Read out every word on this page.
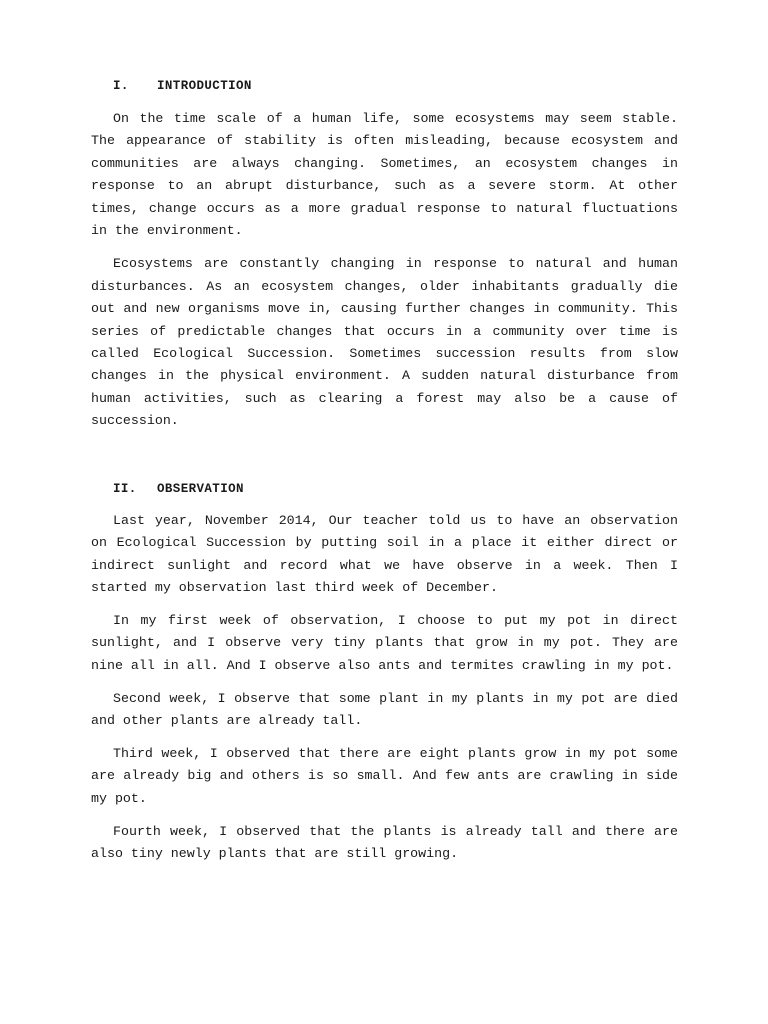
I.	INTRODUCTION

On the time scale of a human life, some ecosystems may seem stable. The appearance of stability is often misleading, because ecosystem and communities are always changing. Sometimes, an ecosystem changes in response to an abrupt disturbance, such as a severe storm. At other times, change occurs as a more gradual response to natural fluctuations in the environment.

Ecosystems are constantly changing in response to natural and human disturbances. As an ecosystem changes, older inhabitants gradually die out and new organisms move in, causing further changes in community. This series of predictable changes that occurs in a community over time is called Ecological Succession. Sometimes succession results from slow changes in the physical environment. A sudden natural disturbance from human activities, such as clearing a forest may also be a cause of succession.

II.	OBSERVATION

Last year, November 2014, Our teacher told us to have an observation on Ecological Succession by putting soil in a place it either direct or indirect sunlight and record what we have observe in a week. Then I started my observation last third week of December.

In my first week of observation, I choose to put my pot in direct sunlight, and I observe very tiny plants that grow in my pot. They are nine all in all. And I observe also ants and termites crawling in my pot.

Second week, I observe that some plant in my plants in my pot are died and other plants are already tall.

Third week, I observed that there are eight plants grow in my pot some are already big and others is so small. And few ants are crawling in side my pot.

Fourth week, I observed that the plants is already tall and there are also tiny newly plants that are still growing.
